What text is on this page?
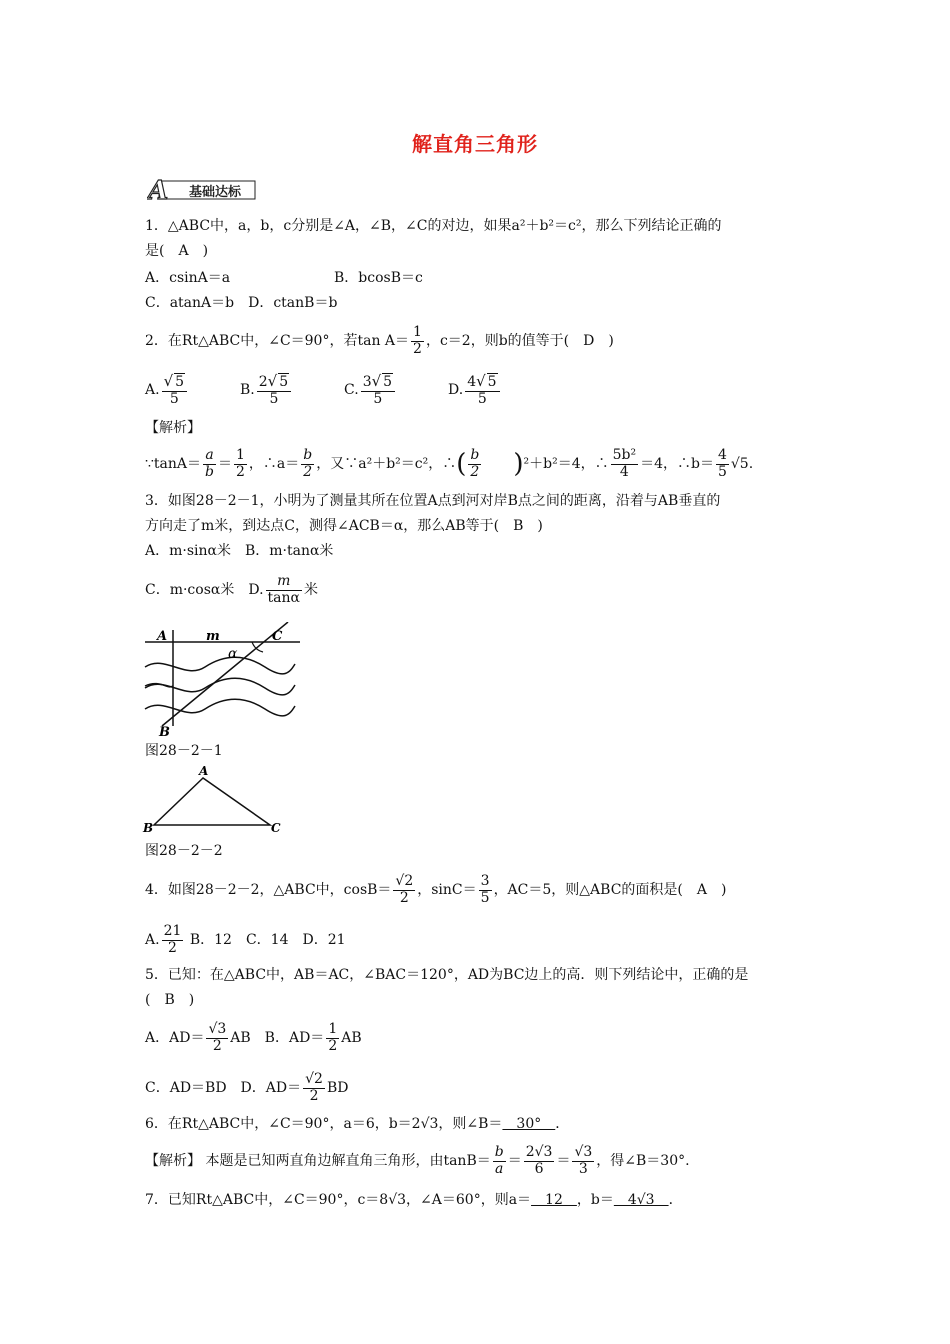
解直角三角形
A 基础达标
1．△ABC中，a，b，c分别是∠A，∠B，∠C的对边，如果a²＋b²＝c²，那么下列结论正确的
是(　A　)
A．csinA＝a	B．bcosB＝c
C．atanA＝b　D．ctanB＝b
2．在Rt△ABC中，∠C＝90°，若$\tan A= \frac{1}{2}$ ，c＝2，则b的值等于(　D　)
A. $\frac{√ 5}{5}$	B. $\frac{2√ 5}{5}$	C. $\frac{3√ 5}{5}$	D. $\frac{4√ 5}{5}$
【解析】
∵tanA＝ $\frac{a}{b} = \frac{1}{2}$ ，∴a＝ $\frac{b}{2}$ ，又∵a²＋b²＝c²，∴( $\frac{b}{2} )^2+b^2=4$，∴ $\frac{\text{5b²}}{4} =4$，∴b＝ $\frac{4}{5} √5$.
3．如图28－2－1，小明为了测量其所在位置A点到河对岸B点之间的距离，沿着与AB垂直的
方向走了m米，到达点C，测得∠ACB＝α，那么AB等于(　B　)
A．m·sinα米　B．m·tanα米
C．m·cosα米　D. $\frac{m}{\tan\alpha}$ 米
A	m	C
α
B
图28－2－1
A
B	C
图28－2－2
4．如图28－2－2，△ABC中，$\cos B= \frac{√2}{2}$ ，$\sin C= \frac{3}{5}$ ，AC＝5，则△ABC的面积是(　A　)
A. $\frac{21}{2}$ B．12　C．14　D．21
5．已知：在△ABC中，AB＝AC，∠BAC＝120°，AD为BC边上的高．则下列结论中，正确的是
(　B　)
A．$AD= \frac{√3}{2}$ AB　B．$AD= \frac{1}{2}$ AB
C．AD＝BD　D．$AD= \frac{√2}{2}$ BD
6．在Rt△ABC中，∠C＝90°，a＝6，b＝2√3，则∠B＝　30°　．
【解析】 本题是已知两直角边解直角三角形，由$\tan B= \frac{b}{a} = \frac{2√3}{6} = \frac{√3}{3}$ ，得∠B＝30°.
7．已知Rt△ABC中，∠C＝90°，c＝8√3，∠A＝60°，则a＝　12　，b＝　4√3　．
